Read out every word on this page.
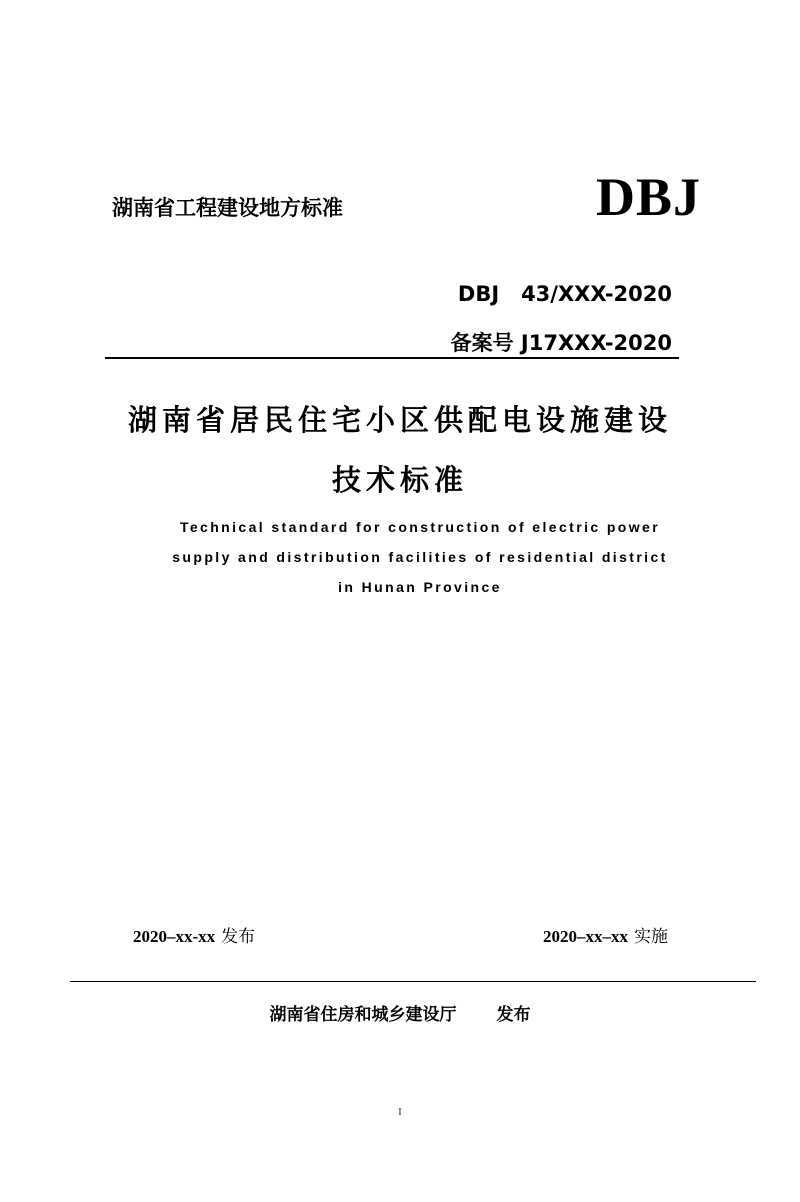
湖南省工程建设地方标准	DBJ
DBJ   43/XXX-2020
备案号 J17XXX-2020
湖南省居民住宅小区供配电设施建设
技术标准
Technical standard for construction of electric power
supply and distribution facilities of residential district
in Hunan Province
2020–xx-xx 发布	2020–xx–xx 实施
湖南省住房和城乡建设厅 发布
I
